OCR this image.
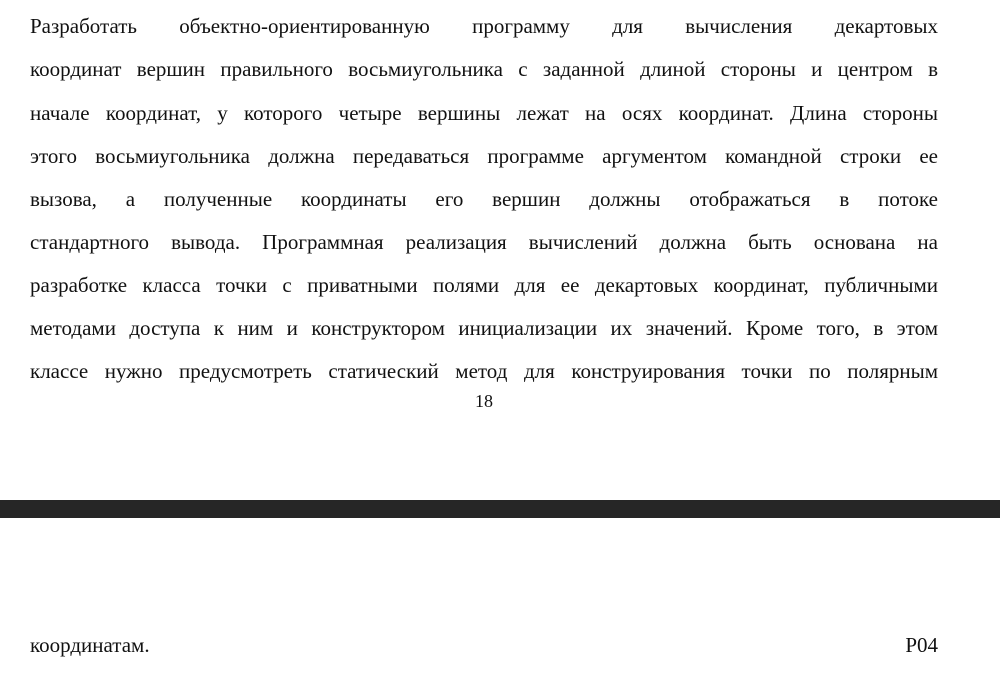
Разработать объектно-ориентированную программу для вычисления декартовых
координат вершин правильного восьмиугольника с заданной длиной стороны и центром в
начале координат, у которого четыре вершины лежат на осях координат. Длина стороны
этого восьмиугольника должна передаваться программе аргументом командной строки ее
вызова, а полученные координаты его вершин должны отображаться в потоке
стандартного вывода. Программная реализация вычислений должна быть основана на
разработке класса точки с приватными полями для ее декартовых координат, публичными
методами доступа к ним и конструктором инициализации их значений. Кроме того, в этом
классе нужно предусмотреть статический метод для конструирования точки по полярным
18
координатам.	P04
